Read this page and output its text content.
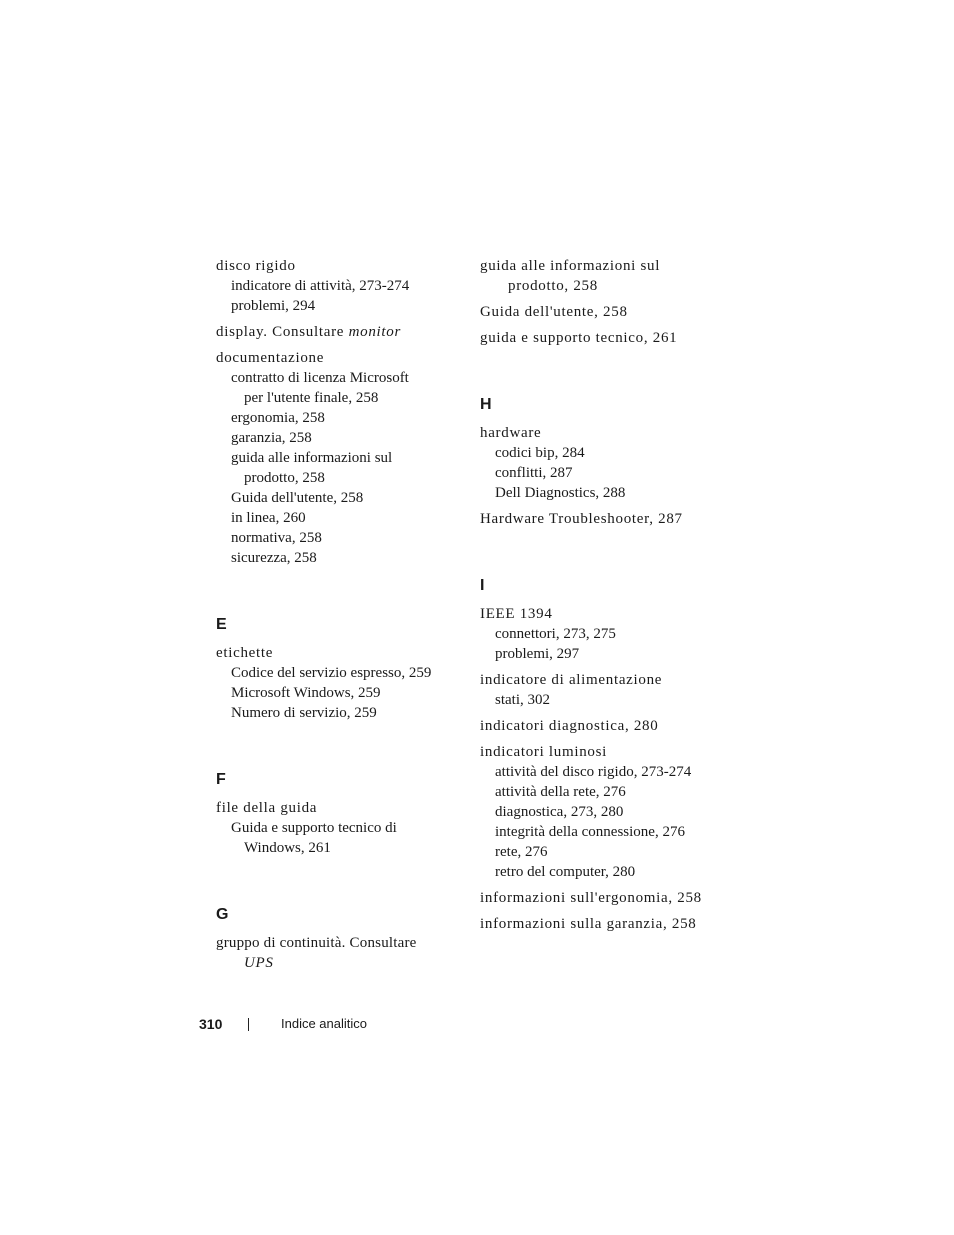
disco rigido
indicatore di attività, 273-274
problemi, 294
display. Consultare monitor
documentazione
contratto di licenza Microsoft
per l'utente finale, 258
ergonomia, 258
garanzia, 258
guida alle informazioni sul
prodotto, 258
Guida dell'utente, 258
in linea, 260
normativa, 258
sicurezza, 258
E
etichette
Codice del servizio espresso, 259
Microsoft Windows, 259
Numero di servizio, 259
F
file della guida
Guida e supporto tecnico di
Windows, 261
G
gruppo di continuità. Consultare
UPS
guida alle informazioni sul
prodotto, 258
Guida dell'utente, 258
guida e supporto tecnico, 261
H
hardware
codici bip, 284
conflitti, 287
Dell Diagnostics, 288
Hardware Troubleshooter, 287
I
IEEE 1394
connettori, 273, 275
problemi, 297
indicatore di alimentazione
stati, 302
indicatori diagnostica, 280
indicatori luminosi
attività del disco rigido, 273-274
attività della rete, 276
diagnostica, 273, 280
integrità della connessione, 276
rete, 276
retro del computer, 280
informazioni sull'ergonomia, 258
informazioni sulla garanzia, 258
310	Indice analitico
